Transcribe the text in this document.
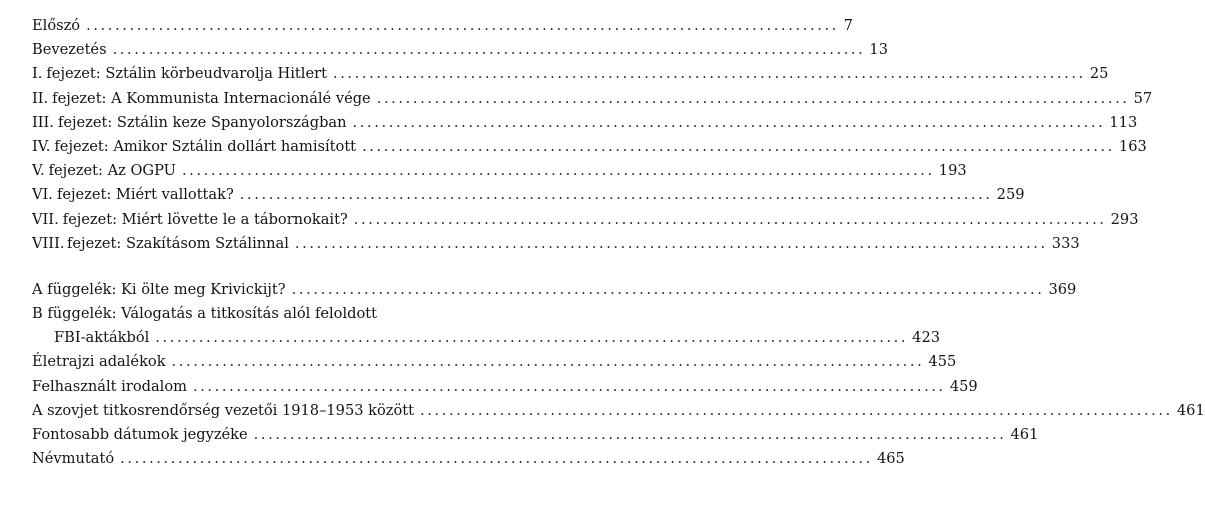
Előszó ........................................................................................................ 7
Bevezetés ........................................................................................................ 13
I. fejezet: Sztálin körbeudvarolja Hitlert ........................................................................................................ 25
II. fejezet: A Kommunista Internacionálé vége ........................................................................................................ 57
III. fejezet: Sztálin keze Spanyolországban ........................................................................................................ 113
IV. fejezet: Amikor Sztálin dollárt hamisított ........................................................................................................ 163
V. fejezet: Az OGPU ........................................................................................................ 193
VI. fejezet: Miért vallottak? ........................................................................................................ 259
VII. fejezet: Miért lövette le a tábornokait? ........................................................................................................ 293
VIII. fejezet: Szakításom Sztálinnal ........................................................................................................ 333
A függelék: Ki ölte meg Krivickijt? ........................................................................................................ 369
B függelék: Válogatás a titkosítás alól feloldott
FBI-aktákból ........................................................................................................ 423
Életrajzi adalékok ........................................................................................................ 455
Felhasznált irodalom ........................................................................................................ 459
A szovjet titkosrendőrség vezetői 1918–1953 között ........................................................................................................ 461
Fontosabb dátumok jegyzéke ........................................................................................................ 461
Névmutató ........................................................................................................ 465
